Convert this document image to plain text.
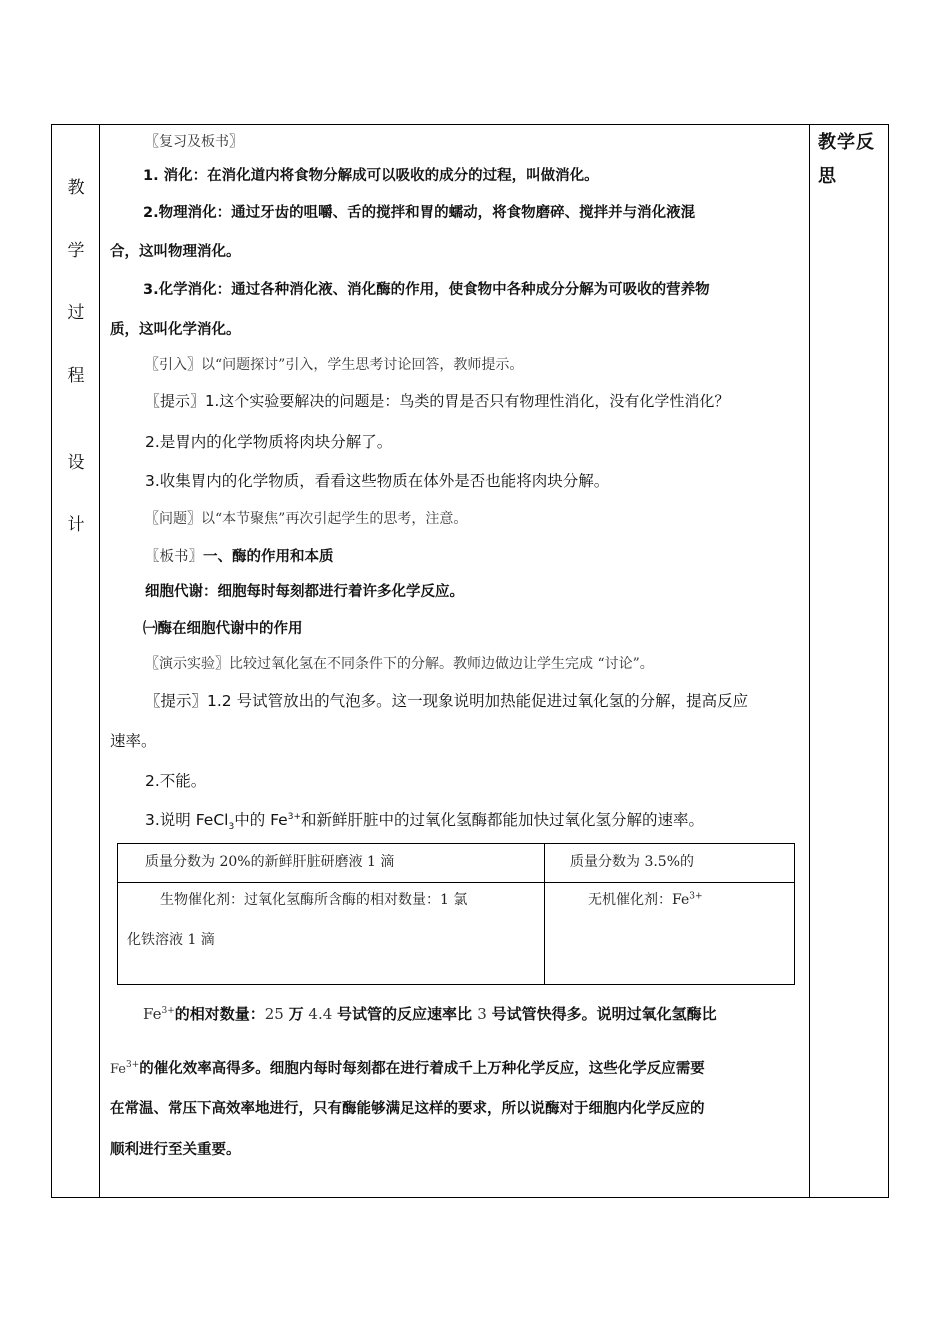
教
学
过
程
设
计
教学反
思
〖复习及板书〗
1. 消化：在消化道内将食物分解成可以吸收的成分的过程，叫做消化。
2.物理消化：通过牙齿的咀嚼、舌的搅拌和胃的蠕动，将食物磨碎、搅拌并与消化液混
合，这叫物理消化。
3.化学消化：通过各种消化液、消化酶的作用，使食物中各种成分分解为可吸收的营养物
质，这叫化学消化。
〖引入〗以“问题探讨”引入，学生思考讨论回答，教师提示。
〖提示〗1.这个实验要解决的问题是：鸟类的胃是否只有物理性消化，没有化学性消化？
2.是胃内的化学物质将肉块分解了。
3.收集胃内的化学物质，看看这些物质在体外是否也能将肉块分解。
〖问题〗以“本节聚焦”再次引起学生的思考，注意。
〖板书〗一、酶的作用和本质
细胞代谢：细胞每时每刻都进行着许多化学反应。
㈠酶在细胞代谢中的作用
〖演示实验〗比较过氧化氢在不同条件下的分解。教师边做边让学生完成 “讨论”。
〖提示〗1.2 号试管放出的气泡多。这一现象说明加热能促进过氧化氢的分解，提高反应
速率。
2.不能。
3.说明 FeCl$_3$中的 $Fe^{3+}$和新鲜肝脏中的过氧化氢酶都能加快过氧化氢分解的速率。
质量分数为 20%的新鲜肝脏研磨液 1 滴	质量分数为 3.5%的
生物催化剂：过氧化氢酶所含酶的相对数量：1 氯
化铁溶液 1 滴
无机催化剂：$Fe^{3+}$
$Fe^{3+}$的相对数量：25 万 4.4 号试管的反应速率比 3 号试管快得多。说明过氧化氢酶比
$Fe^{3+}$的催化效率高得多。细胞内每时每刻都在进行着成千上万种化学反应，这些化学反应需要
在常温、常压下高效率地进行，只有酶能够满足这样的要求，所以说酶对于细胞内化学反应的
顺利进行至关重要。
